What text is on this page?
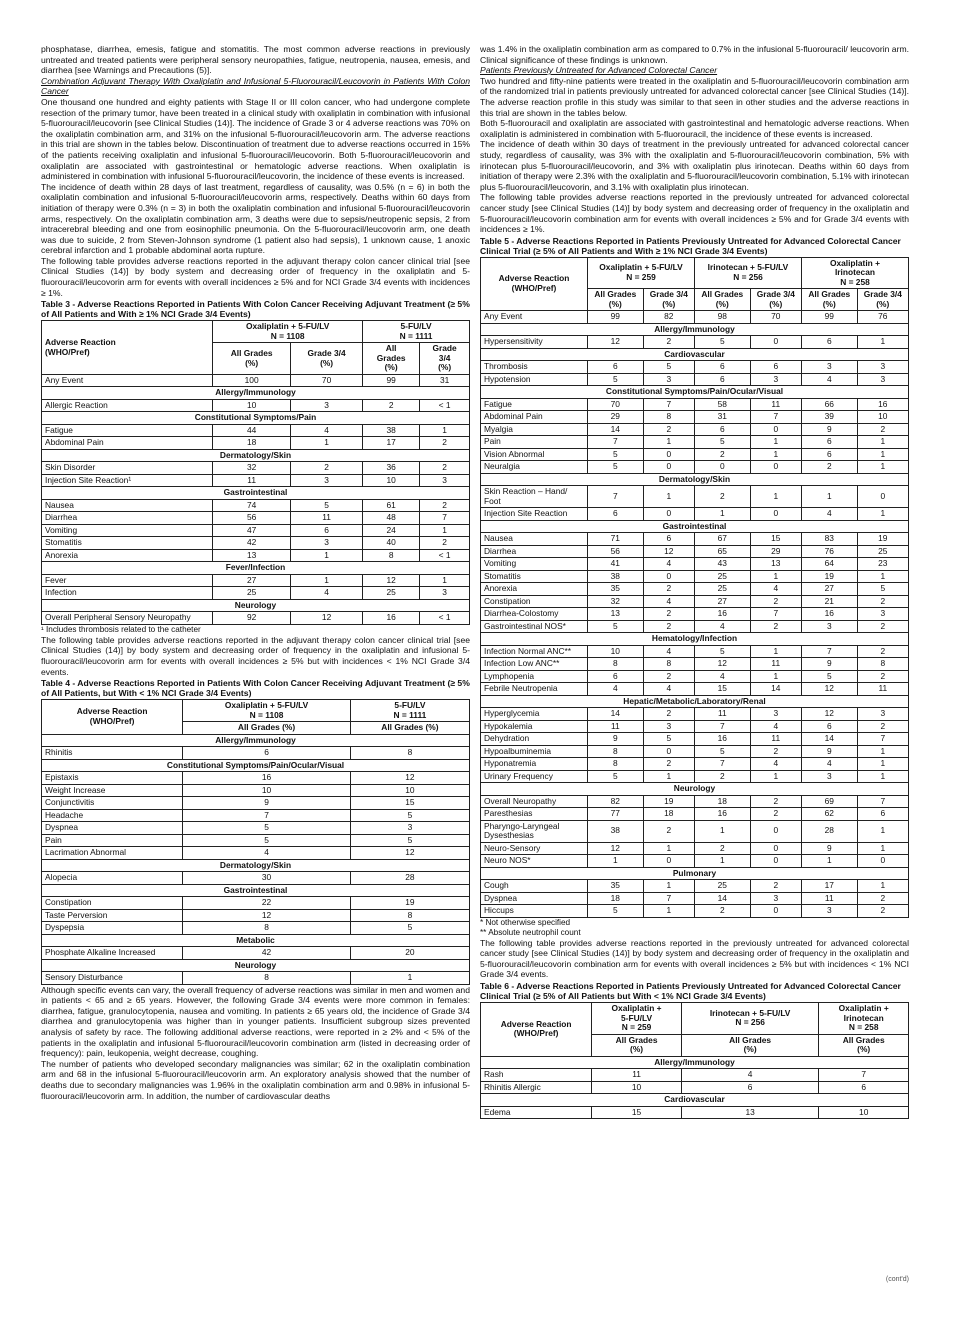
phosphatase, diarrhea, emesis, fatigue and stomatitis. The most common adverse reactions in previously untreated and treated patients were peripheral sensory neuropathies, fatigue, neutropenia, nausea, emesis, and diarrhea [see Warnings and Precautions (5)].

Combination Adjuvant Therapy With Oxaliplatin and Infusional 5-Fluorouracil/Leucovorin in Patients With Colon Cancer

One thousand one hundred and eighty patients with Stage II or III colon cancer, who had undergone complete resection of the primary tumor, have been treated in a clinical study with oxaliplatin in combination with infusional 5-fluorouracil/leucovorin [see Clinical Studies (14)]. The incidence of Grade 3 or 4 adverse reactions was 70% on the oxaliplatin combination arm, and 31% on the infusional 5-fluorouracil/leucovorin arm. The adverse reactions in this trial are shown in the tables below. Discontinuation of treatment due to adverse reactions occurred in 15% of the patients receiving oxaliplatin and infusional 5-fluorouracil/leucovorin. Both 5-fluorouracil/leucovorin and oxaliplatin are associated with gastrointestinal or hematologic adverse reactions. When oxaliplatin is administered in combination with infusional 5-fluorouracil/leucovorin, the incidence of these events is increased.

The incidence of death within 28 days of last treatment, regardless of causality, was 0.5% (n = 6) in both the oxaliplatin combination and infusional 5-fluorouracil/leucovorin arms, respectively. Deaths within 60 days from initiation of therapy were 0.3% (n = 3) in both the oxaliplatin combination and infusional 5-fluorouracil/leucovorin arms, respectively. On the oxaliplatin combination arm, 3 deaths were due to sepsis/neutropenic sepsis, 2 from intracerebral bleeding and one from eosinophilic pneumonia. On the 5-fluorouracil/leucovorin arm, one death was due to suicide, 2 from Steven-Johnson syndrome (1 patient also had sepsis), 1 unknown cause, 1 anoxic cerebral infarction and 1 probable abdominal aorta rupture.

The following table provides adverse reactions reported in the adjuvant therapy colon cancer clinical trial [see Clinical Studies (14)] by body system and decreasing order of frequency in the oxaliplatin and 5-fluorouracil/leucovorin arm for events with overall incidences ≥ 5% and for NCI Grade 3/4 events with incidences ≥ 1%.

Table 3 - Adverse Reactions Reported in Patients With Colon Cancer Receiving Adjuvant Treatment (≥ 5% of All Patients and With ≥ 1% NCI Grade 3/4 Events)
Adverse Reaction
(WHO/Pref)	Oxaliplatin + 5-FU/LV
N = 1108		5-FU/LV
N = 1111	
	All Grades
(%)	Grade 3/4
(%)	All
Grades
(%)	Grade
3/4
(%)
Any Event	100	70	99	31
Allergy/Immunology				
Allergic Reaction	10	3	2	< 1
Constitutional Symptoms/Pain				
Fatigue	44	4	38	1
Abdominal Pain	18	1	17	2
Dermatology/Skin				
Skin Disorder	32	2	36	2
Injection Site Reaction¹	11	3	10	3
Gastrointestinal				
Nausea	74	5	61	2
Diarrhea	56	11	48	7
Vomiting	47	6	24	1
Stomatitis	42	3	40	2
Anorexia	13	1	8	< 1
Fever/Infection				
Fever	27	1	12	1
Infection	25	4	25	3
Neurology				
Overall Peripheral Sensory Neuropathy	92	12	16	< 1
¹ Includes thrombosis related to the catheter

The following table provides adverse reactions reported in the adjuvant therapy colon cancer clinical trial [see Clinical Studies (14)] by body system and decreasing order of frequency in the oxaliplatin and infusional 5-fluorouracil/leucovorin arm for events with overall incidences ≥ 5% but with incidences < 1% NCI Grade 3/4 events.

Table 4 - Adverse Reactions Reported in Patients With Colon Cancer Receiving Adjuvant Treatment (≥ 5% of All Patients, but With < 1% NCI Grade 3/4 Events)
Adverse Reaction
(WHO/Pref)	Oxaliplatin + 5-FU/LV
N = 1108	5-FU/LV
N = 1111
	All Grades (%)	All Grades (%)
Allergy/Immunology		
Rhinitis	6	8
Constitutional Symptoms/Pain/Ocular/Visual		
Epistaxis	16	12
Weight Increase	10	10
Conjunctivitis	9	15
Headache	7	5
Dyspnea	5	3
Pain	5	5
Lacrimation Abnormal	4	12
Dermatology/Skin		
Alopecia	30	28
Gastrointestinal		
Constipation	22	19
Taste Perversion	12	8
Dyspepsia	8	5
Metabolic		
Phosphate Alkaline Increased	42	20
Neurology		
Sensory Disturbance	8	1

Although specific events can vary, the overall frequency of adverse reactions was similar in men and women and in patients < 65 and ≥ 65 years. However, the following Grade 3/4 events were more common in females: diarrhea, fatigue, granulocytopenia, nausea and vomiting. In patients ≥ 65 years old, the incidence of Grade 3/4 diarrhea and granulocytopenia was higher than in younger patients. Insufficient subgroup sizes prevented analysis of safety by race. The following additional adverse reactions, were reported in ≥ 2% and < 5% of the patients in the oxaliplatin and infusional 5-fluorouracil/leucovorin combination arm (listed in decreasing order of frequency): pain, leukopenia, weight decrease, coughing.

The number of patients who developed secondary malignancies was similar; 62 in the oxaliplatin combination arm and 68 in the infusional 5-fluorouracil/leucovorin arm. An exploratory analysis showed that the number of deaths due to secondary malignancies was 1.96% in the oxaliplatin combination arm and 0.98% in infusional 5-fluorouracil/leucovorin arm. In addition, the number of cardiovascular deaths

was 1.4% in the oxaliplatin combination arm as compared to 0.7% in the infusional 5-fluorouracil/ leucovorin arm. Clinical significance of these findings is unknown.

Patients Previously Untreated for Advanced Colorectal Cancer

Two hundred and fifty-nine patients were treated in the oxaliplatin and 5-fluorouracil/leucovorin combination arm of the randomized trial in patients previously untreated for advanced colorectal cancer [see Clinical Studies (14)]. The adverse reaction profile in this study was similar to that seen in other studies and the adverse reactions in this trial are shown in the tables below.

Both 5-fluorouracil and oxaliplatin are associated with gastrointestinal and hematologic adverse reactions. When oxaliplatin is administered in combination with 5-fluorouracil, the incidence of these events is increased.

The incidence of death within 30 days of treatment in the previously untreated for advanced colorectal cancer study, regardless of causality, was 3% with the oxaliplatin and 5-fluorouracil/leucovorin combination, 5% with irinotecan plus 5-fluorouracil/leucovorin, and 3% with oxaliplatin plus irinotecan. Deaths within 60 days from initiation of therapy were 2.3% with the oxaliplatin and 5-fluorouracil/leucovorin combination, 5.1% with irinotecan plus 5-fluorouracil/leucovorin, and 3.1% with oxaliplatin plus irinotecan.

The following table provides adverse reactions reported in the previously untreated for advanced colorectal cancer study [see Clinical Studies (14)] by body system and decreasing order of frequency in the oxaliplatin and 5-fluorouracil/leucovorin combination arm for events with overall incidences ≥ 5% and for Grade 3/4 events with incidences ≥ 1%.

Table 5 - Adverse Reactions Reported in Patients Previously Untreated for Advanced Colorectal Cancer Clinical Trial (≥ 5% of All Patients and With ≥ 1% NCI Grade 3/4 Events)
Adverse Reaction
(WHO/Pref)	Oxaliplatin + 5-FU/LV
N = 259		Irinotecan + 5-FU/LV
N = 256		Oxaliplatin +
Irinotecan
N = 258	
	All Grades
(%)	Grade 3/4
(%)	All Grades
(%)	Grade 3/4
(%)	All Grades
(%)	Grade 3/4
(%)
Any Event	99	82	98	70	99	76
Allergy/Immunology						
Hypersensitivity	12	2	5	0	6	1
Cardiovascular						
Thrombosis	6	5	6	6	3	3
Hypotension	5	3	6	3	4	3
Constitutional Symptoms/Pain/Ocular/Visual						
Fatigue	70	7	58	11	66	16
Abdominal Pain	29	8	31	7	39	10
Myalgia	14	2	6	0	9	2
Pain	7	1	5	1	6	1
Vision Abnormal	5	0	2	1	6	1
Neuralgia	5	0	0	0	2	1
Dermatology/Skin						
Skin Reaction – Hand/ Foot	7	1	2	1	1	0
Injection Site Reaction	6	0	1	0	4	1
Gastrointestinal						
Nausea	71	6	67	15	83	19
Diarrhea	56	12	65	29	76	25
Vomiting	41	4	43	13	64	23
Stomatitis	38	0	25	1	19	1
Anorexia	35	2	25	4	27	5
Constipation	32	4	27	2	21	2
Diarrhea-Colostomy	13	2	16	7	16	3
Gastrointestinal NOS*	5	2	4	2	3	2
Hematology/Infection						
Infection Normal ANC**	10	4	5	1	7	2
Infection Low ANC**	8	8	12	11	9	8
Lymphopenia	6	2	4	1	5	2
Febrile Neutropenia	4	4	15	14	12	11
Hepatic/Metabolic/Laboratory/Renal						
Hyperglycemia	14	2	11	3	12	3
Hypokalemia	11	3	7	4	6	2
Dehydration	9	5	16	11	14	7
Hypoalbuminemia	8	0	5	2	9	1
Hyponatremia	8	2	7	4	4	1
Urinary Frequency	5	1	2	1	3	1
Neurology						
Overall Neuropathy	82	19	18	2	69	7
Paresthesias	77	18	16	2	62	6
Pharyngo-Laryngeal Dysesthesias	38	2	1	0	28	1
Neuro-Sensory	12	1	2	0	9	1
Neuro NOS*	1	0	1	0	1	0
Pulmonary						
Cough	35	1	25	2	17	1
Dyspnea	18	7	14	3	11	2
Hiccups	5	1	2	0	3	2
* Not otherwise specified
** Absolute neutrophil count

The following table provides adverse reactions reported in the previously untreated for advanced colorectal cancer study [see Clinical Studies (14)] by body system and decreasing order of frequency in the oxaliplatin and 5-fluorouracil/leucovorin combination arm for events with overall incidences ≥ 5% but with incidences < 1% NCI Grade 3/4 events.

Table 6 - Adverse Reactions Reported in Patients Previously Untreated for Advanced Colorectal Cancer Clinical Trial (≥ 5% of All Patients but With < 1% NCI Grade 3/4 Events)
Adverse Reaction
(WHO/Pref)	Oxaliplatin +
5-FU/LV
N = 259	Irinotecan + 5-FU/LV
N = 256	Oxaliplatin +
Irinotecan
N = 258
	All Grades
(%)	All Grades
(%)	All Grades
(%)
Allergy/Immunology			
Rash	11	4	7
Rhinitis Allergic	10	6	6
Cardiovascular			
Edema	15	13	10
(cont'd)
